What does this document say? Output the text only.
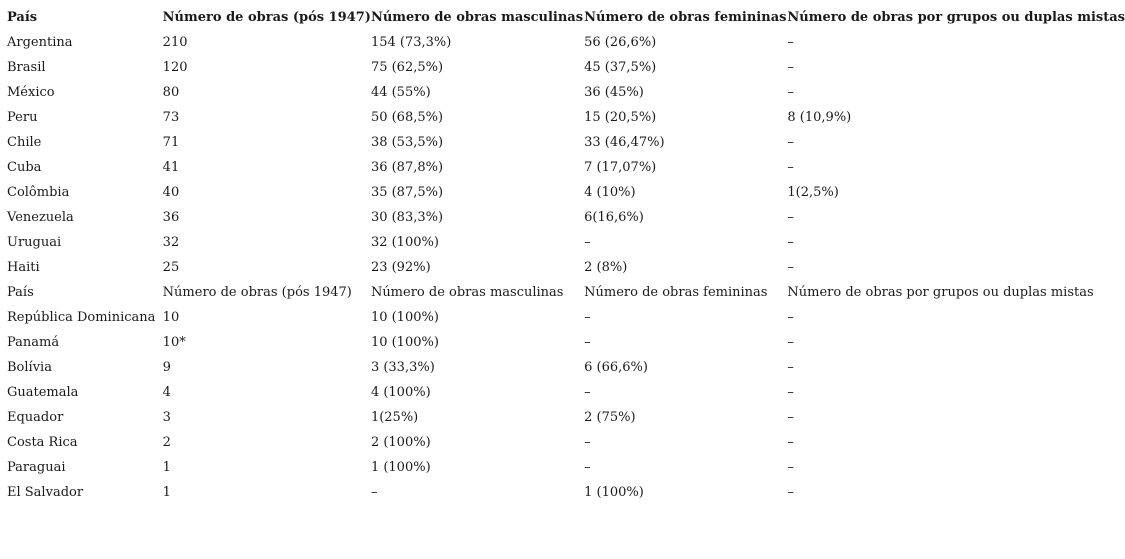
País	Número de obras (pós 1947)	Número de obras masculinas	Número de obras femininas	Número de obras por grupos ou duplas mistas
Argentina	210	154 (73,3%)	56 (26,6%)	–
Brasil	120	75 (62,5%)	45 (37,5%)	–
México	80	44 (55%)	36 (45%)	–
Peru	73	50 (68,5%)	15 (20,5%)	8 (10,9%)
Chile	71	38 (53,5%)	33 (46,47%)	–
Cuba	41	36 (87,8%)	7 (17,07%)	–
Colômbia	40	35 (87,5%)	4 (10%)	1(2,5%)
Venezuela	36	30 (83,3%)	6(16,6%)	–
Uruguai	32	32 (100%)	–	–
Haiti	25	23 (92%)	2 (8%)	–
País	Número de obras (pós 1947)	Número de obras masculinas	Número de obras femininas	Número de obras por grupos ou duplas mistas
República Dominicana	10	10 (100%)	–	–
Panamá	10*	10 (100%)	–	–
Bolívia	9	3 (33,3%)	6 (66,6%)	–
Guatemala	4	4 (100%)	–	–
Equador	3	1(25%)	2 (75%)	–
Costa Rica	2	2 (100%)	–	–
Paraguai	1	1 (100%)	–	–
El Salvador	1	–	1 (100%)	–
